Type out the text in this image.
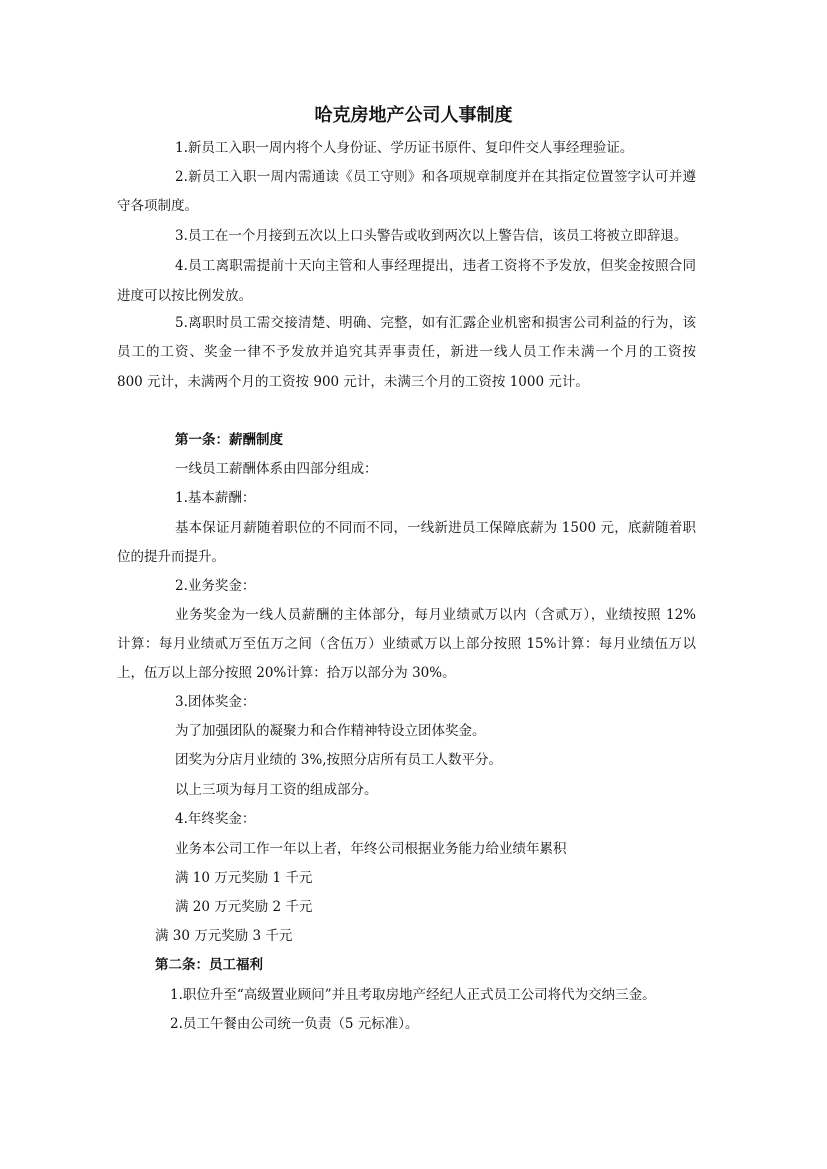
哈克房地产公司人事制度
1.新员工入职一周内将个人身份证、学历证书原件、复印件交人事经理验证。
2.新员工入职一周内需通读《员工守则》和各项规章制度并在其指定位置签字认可并遵
守各项制度。
3.员工在一个月接到五次以上口头警告或收到两次以上警告信，该员工将被立即辞退。
4.员工离职需提前十天向主管和人事经理提出，违者工资将不予发放，但奖金按照合同
进度可以按比例发放。
5.离职时员工需交接清楚、明确、完整，如有汇露企业机密和损害公司利益的行为，该
员工的工资、奖金一律不予发放并追究其弄事责任，新进一线人员工作未满一个月的工资按
800 元计，未满两个月的工资按 900 元计，未满三个月的工资按 1000 元计。
第一条：薪酬制度
一线员工薪酬体系由四部分组成：
1.基本薪酬：
基本保证月薪随着职位的不同而不同，一线新进员工保障底薪为 1500 元，底薪随着职
位的提升而提升。
2.业务奖金：
业务奖金为一线人员薪酬的主体部分，每月业绩贰万以内（含贰万），业绩按照 12%
计算：每月业绩贰万至伍万之间（含伍万）业绩贰万以上部分按照 15%计算：每月业绩伍万以
上，伍万以上部分按照 20%计算：拾万以部分为 30%。
3.团体奖金：
为了加强团队的凝聚力和合作精神特设立团体奖金。
团奖为分店月业绩的 3%,按照分店所有员工人数平分。
以上三项为每月工资的组成部分。
4.年终奖金：
业务本公司工作一年以上者，年终公司根据业务能力给业绩年累积
满 10 万元奖励 1 千元
满 20 万元奖励 2 千元
满 30 万元奖励 3 千元
第二条：员工福利
1.职位升至“高级置业顾问”并且考取房地产经纪人正式员工公司将代为交纳三金。
2.员工午餐由公司统一负责（5 元标准）。
